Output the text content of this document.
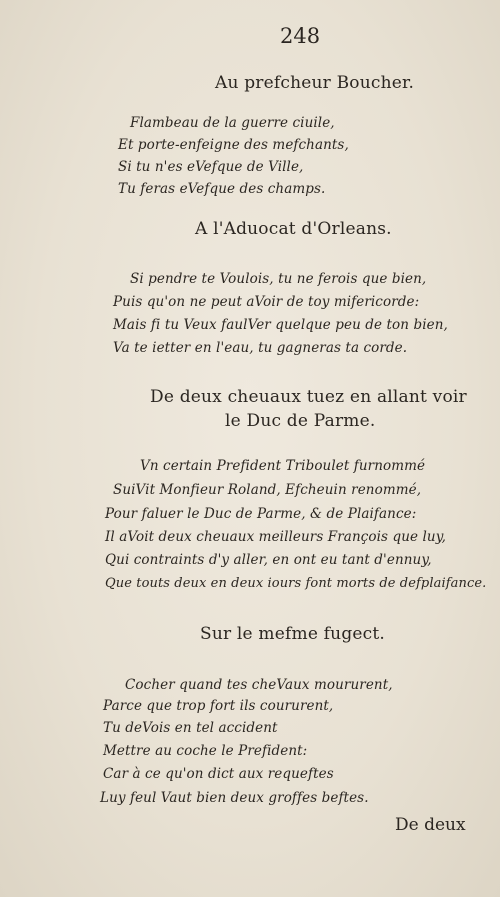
248
Au prefcheur Boucher.
Flambeau de la guerre ciuile,
Et porte-enfeigne des mefchants,
Si tu n'es eVefque de Ville,
Tu feras eVefque des champs.
A l'Aduocat d'Orleans.
Si pendre te Voulois, tu ne ferois que bien,
Puis qu'on ne peut aVoir de toy mifericorde:
Mais fi tu Veux faulVer quelque peu de ton bien,
Va te ietter en l'eau, tu gagneras ta corde.
De deux cheuaux tuez en allant voir
le Duc de Parme.
Vn certain Prefident Triboulet furnommé
SuiVit Monfieur Roland, Efcheuin renommé,
Pour faluer le Duc de Parme, & de Plaifance:
Il aVoit deux cheuaux meilleurs François que luy,
Qui contraints d'y aller, en ont eu tant d'ennuy,
Que touts deux en deux iours font morts de defplaifance.
Sur le mefme fugect.
Cocher quand tes cheVaux moururent,
Parce que trop fort ils coururent,
Tu deVois en tel accident
Mettre au coche le Prefident:
Car à ce qu'on dict aux requeftes
Luy feul Vaut bien deux groffes beftes.
De deux
